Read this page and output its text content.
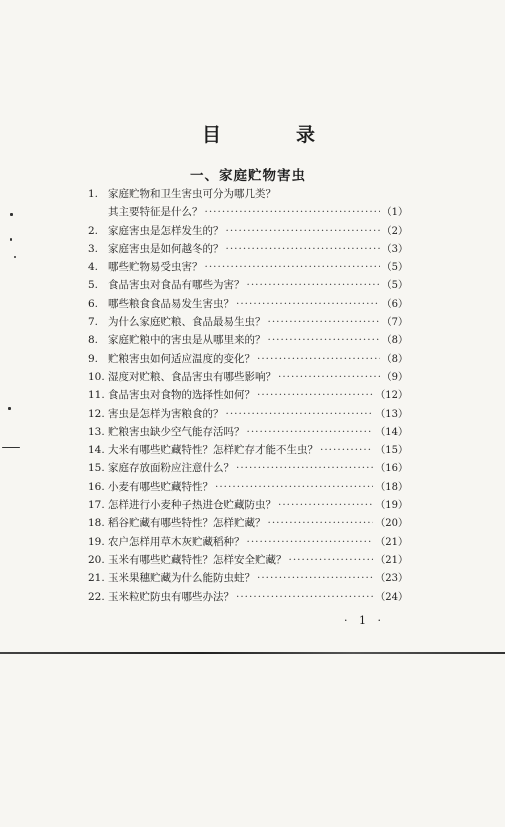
目　录
一、家庭贮物害虫
1. 家庭贮物和卫生害虫可分为哪几类？
其主要特征是什么？ ·····	（1）
2. 家庭害虫是怎样发生的？ ·····	（2）
3. 家庭害虫是如何越冬的？ ·····	（3）
4. 哪些贮物易受虫害？ ·····	（5）
5. 食品害虫对食品有哪些为害？ ·····	（5）
6. 哪些粮食食品易发生害虫？ ·····	（6）
7. 为什么家庭贮粮、食品最易生虫？ ·····	（7）
8. 家庭贮粮中的害虫是从哪里来的？ ·····	（8）
9. 贮粮害虫如何适应温度的变化？ ·····	（8）
10. 湿度对贮粮、食品害虫有哪些影响？ ·····	（9）
11. 食品害虫对食物的选择性如何？ ·····	（12）
12. 害虫是怎样为害粮食的？ ·····	（13）
13. 贮粮害虫缺少空气能存活吗？ ·····	（14）
14. 大米有哪些贮藏特性？怎样贮存才能不生虫？ ·····	（15）
15. 家庭存放面粉应注意什么？ ·····	（16）
16. 小麦有哪些贮藏特性？ ·····	（18）
17. 怎样进行小麦种子热进仓贮藏防虫？ ·····	（19）
18. 稻谷贮藏有哪些特性？怎样贮藏？ ·····	（20）
19. 农户怎样用草木灰贮藏稻种？ ·····	（21）
20. 玉米有哪些贮藏特性？怎样安全贮藏？ ·····	（21）
21. 玉米果穗贮藏为什么能防虫蛀？ ·····	（23）
22. 玉米粒贮防虫有哪些办法？ ·····	（24）
· 1 ·
